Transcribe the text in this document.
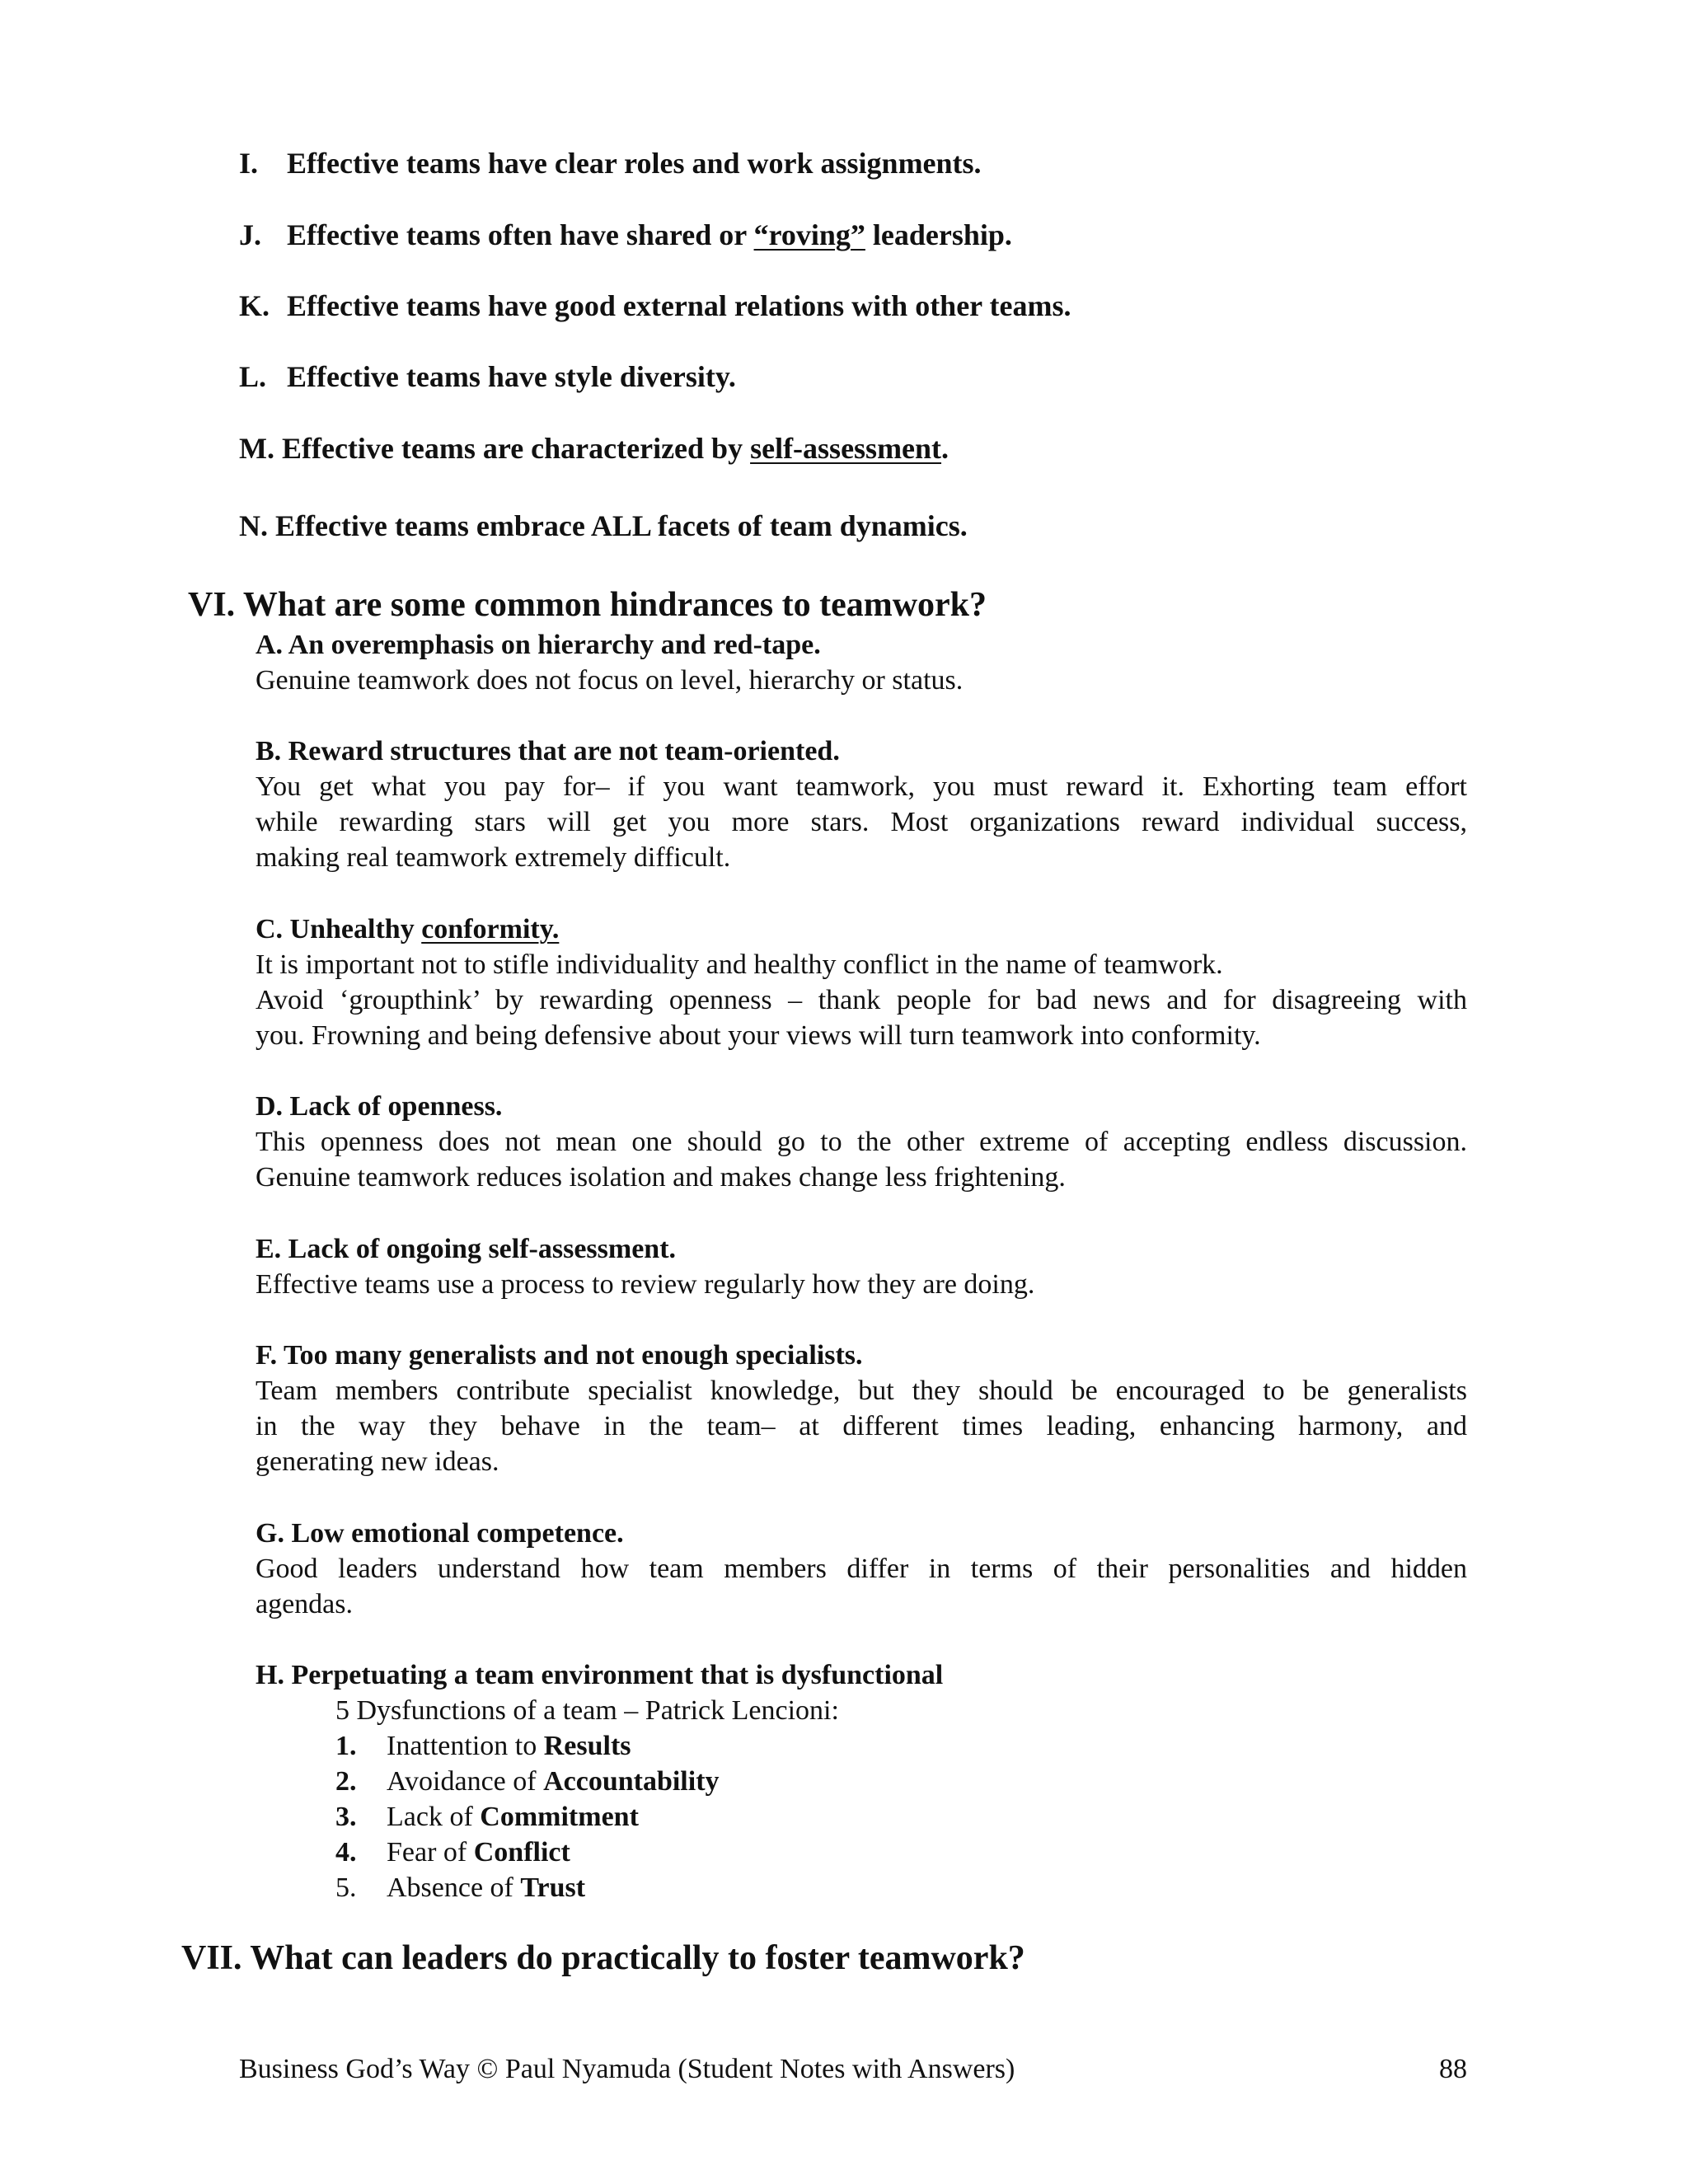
I. Effective teams have clear roles and work assignments.
J. Effective teams often have shared or “roving” leadership.
K. Effective teams have good external relations with other teams.
L. Effective teams have style diversity.
M. Effective teams are characterized by self-assessment.
N. Effective teams embrace ALL facets of team dynamics.
VI. What are some common hindrances to teamwork?
A. An overemphasis on hierarchy and red-tape.
Genuine teamwork does not focus on level, hierarchy or status.
B. Reward structures that are not team-oriented.
You get what you pay for– if you want teamwork, you must reward it. Exhorting team effort
while rewarding stars will get you more stars. Most organizations reward individual success,
making real teamwork extremely difficult.
C. Unhealthy conformity.
It is important not to stifle individuality and healthy conflict in the name of teamwork.
Avoid ‘groupthink’ by rewarding openness – thank people for bad news and for disagreeing with
you. Frowning and being defensive about your views will turn teamwork into conformity.
D. Lack of openness.
This openness does not mean one should go to the other extreme of accepting endless discussion.
Genuine teamwork reduces isolation and makes change less frightening.
E. Lack of ongoing self-assessment.
Effective teams use a process to review regularly how they are doing.
F. Too many generalists and not enough specialists.
Team members contribute specialist knowledge, but they should be encouraged to be generalists
in the way they behave in the team– at different times leading, enhancing harmony, and
generating new ideas.
G. Low emotional competence.
Good leaders understand how team members differ in terms of their personalities and hidden
agendas.
H. Perpetuating a team environment that is dysfunctional
5 Dysfunctions of a team – Patrick Lencioni:
1. Inattention to Results
2. Avoidance of Accountability
3. Lack of Commitment
4. Fear of Conflict
5. Absence of Trust
VII. What can leaders do practically to foster teamwork?
Business God’s Way © Paul Nyamuda (Student Notes with Answers)	88
